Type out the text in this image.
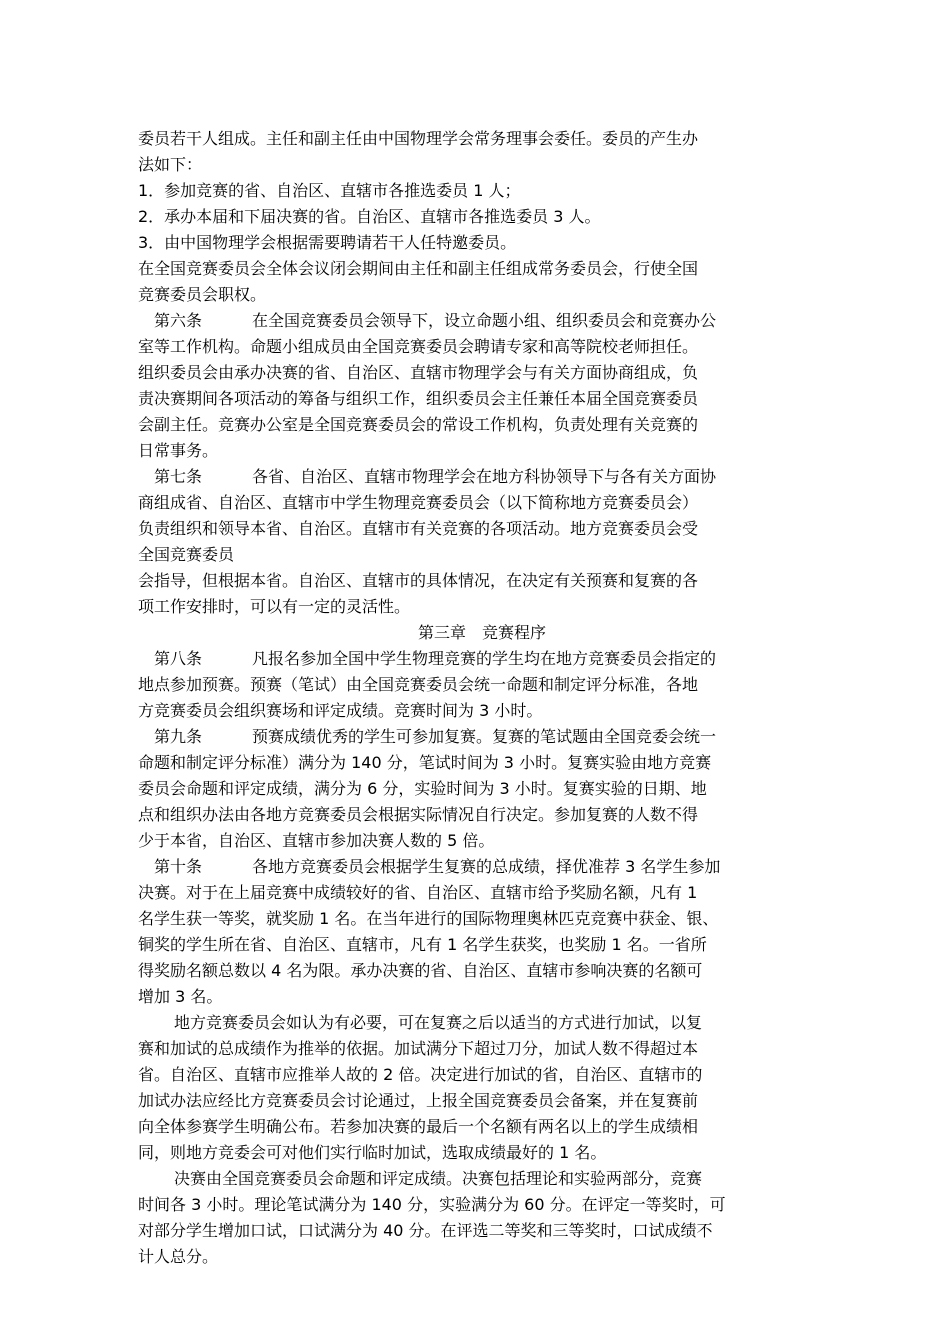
委员若干人组成。主任和副主任由中国物理学会常务理事会委任。委员的产生办
法如下：
1．参加竞赛的省、自治区、直辖市各推选委员 1 人；
2．承办本届和下届决赛的省。自治区、直辖市各推选委员 3 人。
3．由中国物理学会根据需要聘请若干人任特邀委员。
在全国竞赛委员会全体会议闭会期间由主任和副主任组成常务委员会，行使全国
竞赛委员会职权。
第六条	在全国竞赛委员会领导下，设立命题小组、组织委员会和竞赛办公
室等工作机构。命题小组成员由全国竞赛委员会聘请专家和高等院校老师担任。
组织委员会由承办决赛的省、自治区、直辖市物理学会与有关方面协商组成，负
责决赛期间各项活动的筹备与组织工作，组织委员会主任兼任本届全国竞赛委员
会副主任。竞赛办公室是全国竞赛委员会的常设工作机构，负责处理有关竞赛的
日常事务。
第七条	各省、自治区、直辖市物理学会在地方科协领导下与各有关方面协
商组成省、自治区、直辖市中学生物理竞赛委员会（以下简称地方竞赛委员会）
负责组织和领导本省、自治区。直辖市有关竞赛的各项活动。地方竞赛委员会受
全国竞赛委员
会指导，但根据本省。自治区、直辖市的具体情况，在决定有关预赛和复赛的各
项工作安排时，可以有一定的灵活性。
第三章　竞赛程序
第八条	凡报名参加全国中学生物理竞赛的学生均在地方竞赛委员会指定的
地点参加预赛。预赛（笔试）由全国竞赛委员会统一命题和制定评分标准，各地
方竞赛委员会组织赛场和评定成绩。竞赛时间为 3 小时。
第九条	预赛成绩优秀的学生可参加复赛。复赛的笔试题由全国竞委会统一
命题和制定评分标准）满分为 140 分，笔试时间为 3 小时。复赛实验由地方竞赛
委员会命题和评定成绩，满分为 6 分，实验时间为 3 小时。复赛实验的日期、地
点和组织办法由各地方竞赛委员会根据实际情况自行决定。参加复赛的人数不得
少于本省，自治区、直辖市参加决赛人数的 5 倍。
第十条	各地方竞赛委员会根据学生复赛的总成绩，择优准荐 3 名学生参加
决赛。对于在上届竞赛中成绩较好的省、自治区、直辖市给予奖励名额，凡有 1
名学生获一等奖，就奖励 1 名。在当年进行的国际物理奥林匹克竞赛中获金、银、
铜奖的学生所在省、自治区、直辖市，凡有 1 名学生获奖，也奖励 1 名。一省所
得奖励名额总数以 4 名为限。承办决赛的省、自治区、直辖市参响决赛的名额可
增加 3 名。
地方竞赛委员会如认为有必要，可在复赛之后以适当的方式进行加试，以复
赛和加试的总成绩作为推举的依据。加试满分下超过刀分，加试人数不得超过本
省。自治区、直辖市应推举人故的 2 倍。决定进行加试的省，自治区、直辖市的
加试办法应经比方竞赛委员会讨论通过，上报全国竞赛委员会备案，并在复赛前
向全体参赛学生明确公布。若参加决赛的最后一个名额有两名以上的学生成绩相
同，则地方竞委会可对他们实行临时加试，选取成绩最好的 1 名。
决赛由全国竞赛委员会命题和评定成绩。决赛包括理论和实验两部分，竞赛
时间各 3 小时。理论笔试满分为 140 分，实验满分为 60 分。在评定一等奖时，可
对部分学生增加口试，口试满分为 40 分。在评选二等奖和三等奖时，口试成绩不
计人总分。
